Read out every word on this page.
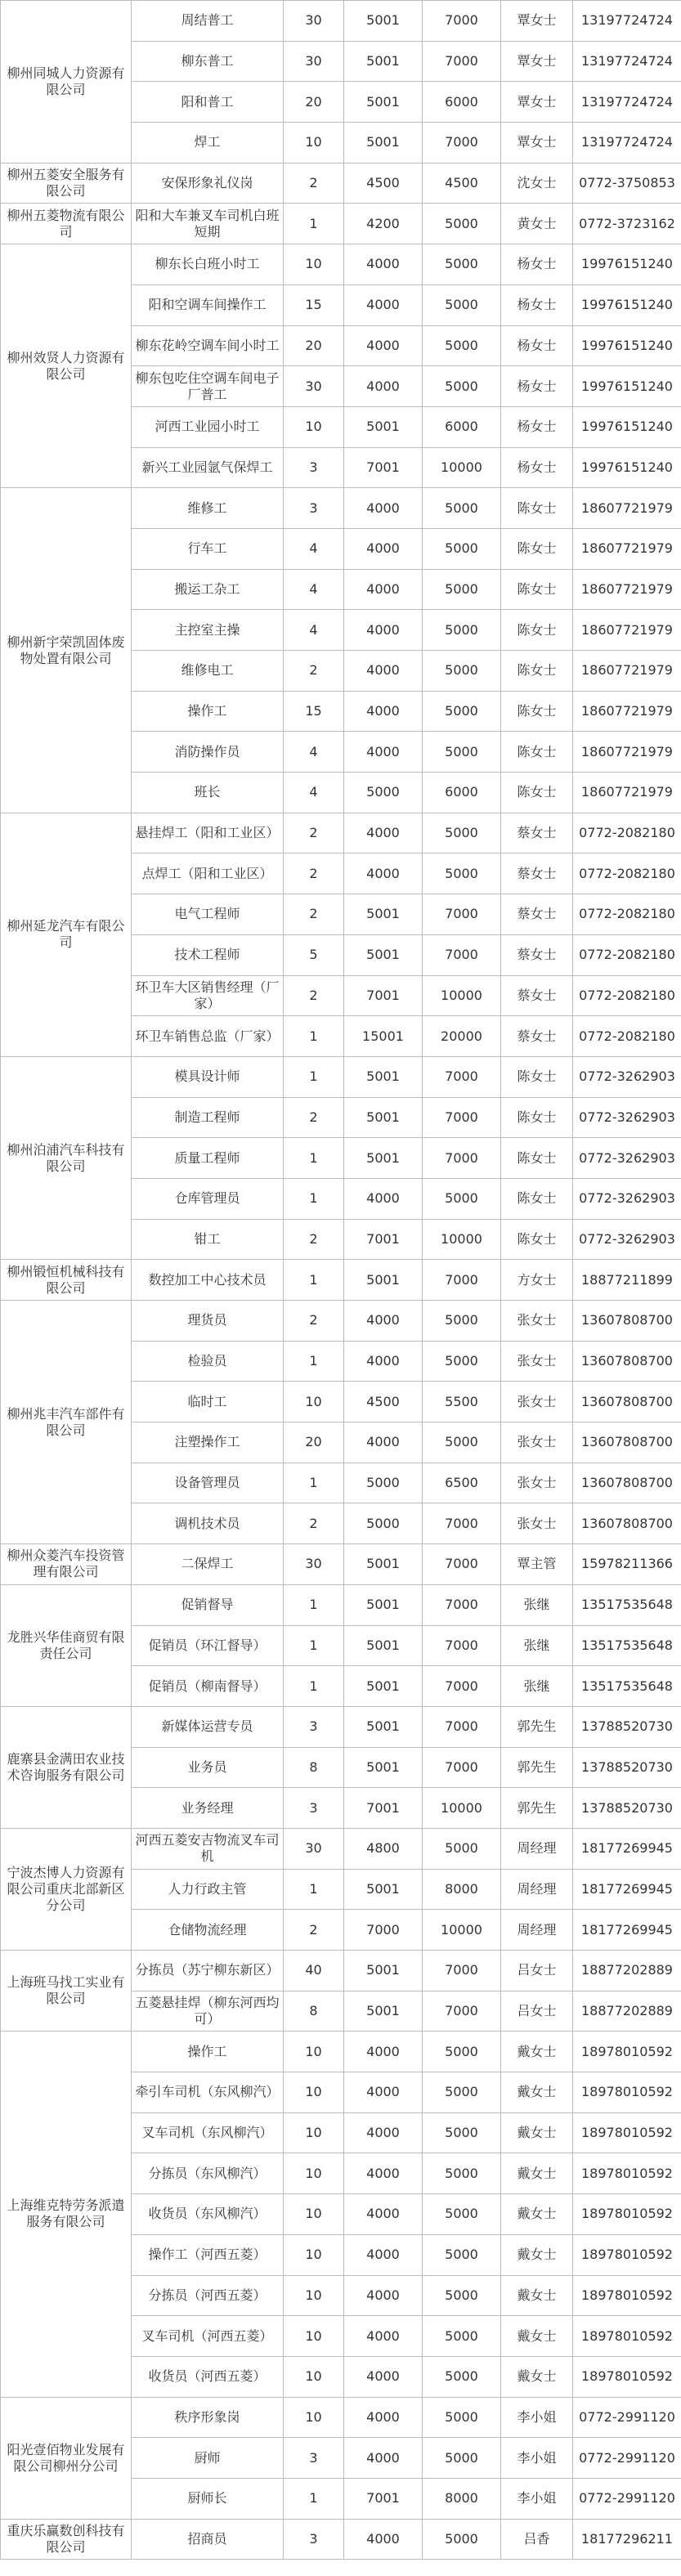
柳州同城人力资源有限公司	周结普工	30	5001	7000	覃女士	13197724724
	柳东普工	30	5001	7000	覃女士	13197724724
	阳和普工	20	5001	6000	覃女士	13197724724
	焊工	10	5001	7000	覃女士	13197724724
柳州五菱安全服务有限公司	安保形象礼仪岗	2	4500	4500	沈女士	0772-3750853
柳州五菱物流有限公司	阳和大车兼叉车司机白班短期	1	4200	5000	黄女士	0772-3723162
柳州效贤人力资源有限公司	柳东长白班小时工	10	4000	5000	杨女士	19976151240
	阳和空调车间操作工	15	4000	5000	杨女士	19976151240
	柳东花岭空调车间小时工	20	4000	5000	杨女士	19976151240
	柳东包吃住空调车间电子厂普工	30	4000	5000	杨女士	19976151240
	河西工业园小时工	10	5001	6000	杨女士	19976151240
	新兴工业园氩气保焊工	3	7001	10000	杨女士	19976151240
柳州新宇荣凯固体废物处置有限公司	维修工	3	4000	5000	陈女士	18607721979
	行车工	4	4000	5000	陈女士	18607721979
	搬运工杂工	4	4000	5000	陈女士	18607721979
	主控室主操	4	4000	5000	陈女士	18607721979
	维修电工	2	4000	5000	陈女士	18607721979
	操作工	15	4000	5000	陈女士	18607721979
	消防操作员	4	4000	5000	陈女士	18607721979
	班长	4	5000	6000	陈女士	18607721979
柳州延龙汽车有限公司	悬挂焊工（阳和工业区）	2	4000	5000	蔡女士	0772-2082180
	点焊工（阳和工业区）	2	4000	5000	蔡女士	0772-2082180
	电气工程师	2	5001	7000	蔡女士	0772-2082180
	技术工程师	5	5001	7000	蔡女士	0772-2082180
	环卫车大区销售经理（厂家）	2	7001	10000	蔡女士	0772-2082180
	环卫车销售总监（厂家）	1	15001	20000	蔡女士	0772-2082180
柳州泊浦汽车科技有限公司	模具设计师	1	5001	7000	陈女士	0772-3262903
	制造工程师	2	5001	7000	陈女士	0772-3262903
	质量工程师	1	5001	7000	陈女士	0772-3262903
	仓库管理员	1	4000	5000	陈女士	0772-3262903
	钳工	2	7001	10000	陈女士	0772-3262903
柳州锻恒机械科技有限公司	数控加工中心技术员	1	5001	7000	方女士	18877211899
柳州兆丰汽车部件有限公司	理货员	2	4000	5000	张女士	13607808700
	检验员	1	4000	5000	张女士	13607808700
	临时工	10	4500	5500	张女士	13607808700
	注塑操作工	20	4000	5000	张女士	13607808700
	设备管理员	1	5000	6500	张女士	13607808700
	调机技术员	2	5000	7000	张女士	13607808700
柳州众菱汽车投资管理有限公司	二保焊工	30	5001	7000	覃主管	15978211366
龙胜兴华佳商贸有限责任公司	促销督导	1	5001	7000	张继	13517535648
	促销员（环江督导）	1	5001	7000	张继	13517535648
	促销员（柳南督导）	1	5001	7000	张继	13517535648
鹿寨县金满田农业技术咨询服务有限公司	新媒体运营专员	3	5001	7000	郭先生	13788520730
	业务员	8	5001	7000	郭先生	13788520730
	业务经理	3	7001	10000	郭先生	13788520730
宁波杰博人力资源有限公司重庆北部新区分公司	河西五菱安吉物流叉车司机	30	4800	5000	周经理	18177269945
	人力行政主管	1	5001	8000	周经理	18177269945
	仓储物流经理	2	7000	10000	周经理	18177269945
上海班马找工实业有限公司	分拣员（苏宁柳东新区）	40	5001	7000	吕女士	18877202889
	五菱悬挂焊（柳东河西均可）	8	5001	7000	吕女士	18877202889
上海维克特劳务派遣服务有限公司	操作工	10	4000	5000	戴女士	18978010592
	牵引车司机（东风柳汽）	10	4000	5000	戴女士	18978010592
	叉车司机（东风柳汽）	10	4000	5000	戴女士	18978010592
	分拣员（东风柳汽）	10	4000	5000	戴女士	18978010592
	收货员（东风柳汽）	10	4000	5000	戴女士	18978010592
	操作工（河西五菱）	10	4000	5000	戴女士	18978010592
	分拣员（河西五菱）	10	4000	5000	戴女士	18978010592
	叉车司机（河西五菱）	10	4000	5000	戴女士	18978010592
	收货员（河西五菱）	10	4000	5000	戴女士	18978010592
阳光壹佰物业发展有限公司柳州分公司	秩序形象岗	10	4000	5000	李小姐	0772-2991120
	厨师	3	4000	5000	李小姐	0772-2991120
	厨师长	1	7001	8000	李小姐	0772-2991120
重庆乐赢数创科技有限公司	招商员	3	4000	5000	吕香	18177296211
